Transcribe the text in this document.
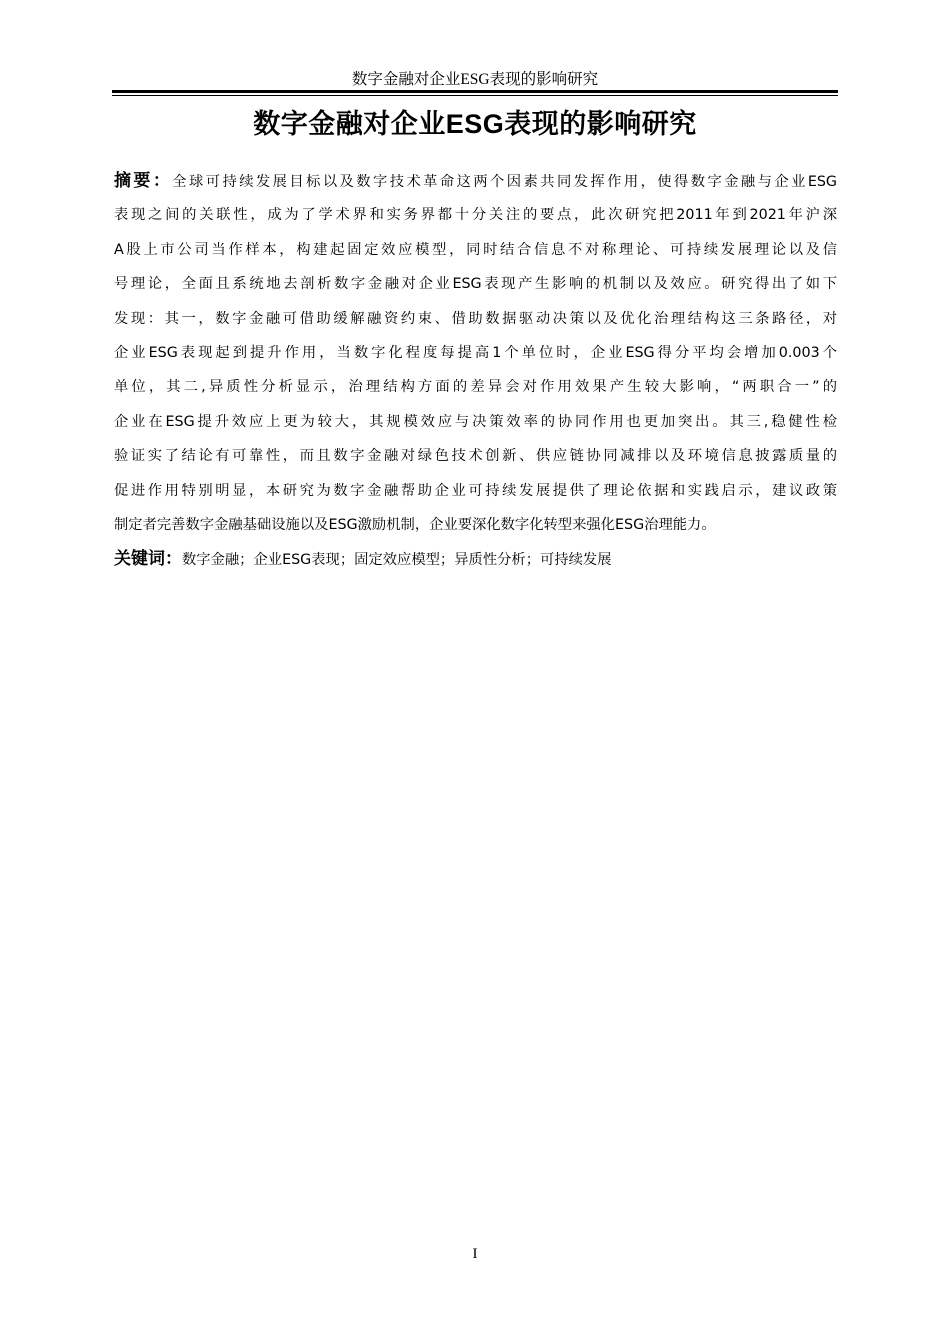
数字金融对企业ESG表现的影响研究
数字金融对企业ESG表现的影响研究
摘要：全球可持续发展目标以及数字技术革命这两个因素共同发挥作用，使得数字金融与企业ESG
表现之间的关联性，成为了学术界和实务界都十分关注的要点，此次研究把2011年到2021年沪深
A股上市公司当作样本，构建起固定效应模型，同时结合信息不对称理论、可持续发展理论以及信
号理论，全面且系统地去剖析数字金融对企业ESG表现产生影响的机制以及效应。研究得出了如下
发现：其一，数字金融可借助缓解融资约束、借助数据驱动决策以及优化治理结构这三条路径，对
企业ESG表现起到提升作用，当数字化程度每提高1个单位时，企业ESG得分平均会增加0.003个
单位，其二,异质性分析显示，治理结构方面的差异会对作用效果产生较大影响，“两职合一”的
企业在ESG提升效应上更为较大，其规模效应与决策效率的协同作用也更加突出。其三,稳健性检
验证实了结论有可靠性，而且数字金融对绿色技术创新、供应链协同减排以及环境信息披露质量的
促进作用特别明显，本研究为数字金融帮助企业可持续发展提供了理论依据和实践启示，建议政策
制定者完善数字金融基础设施以及ESG激励机制，企业要深化数字化转型来强化ESG治理能力。
关键词：数字金融；企业ESG表现；固定效应模型；异质性分析；可持续发展
I
